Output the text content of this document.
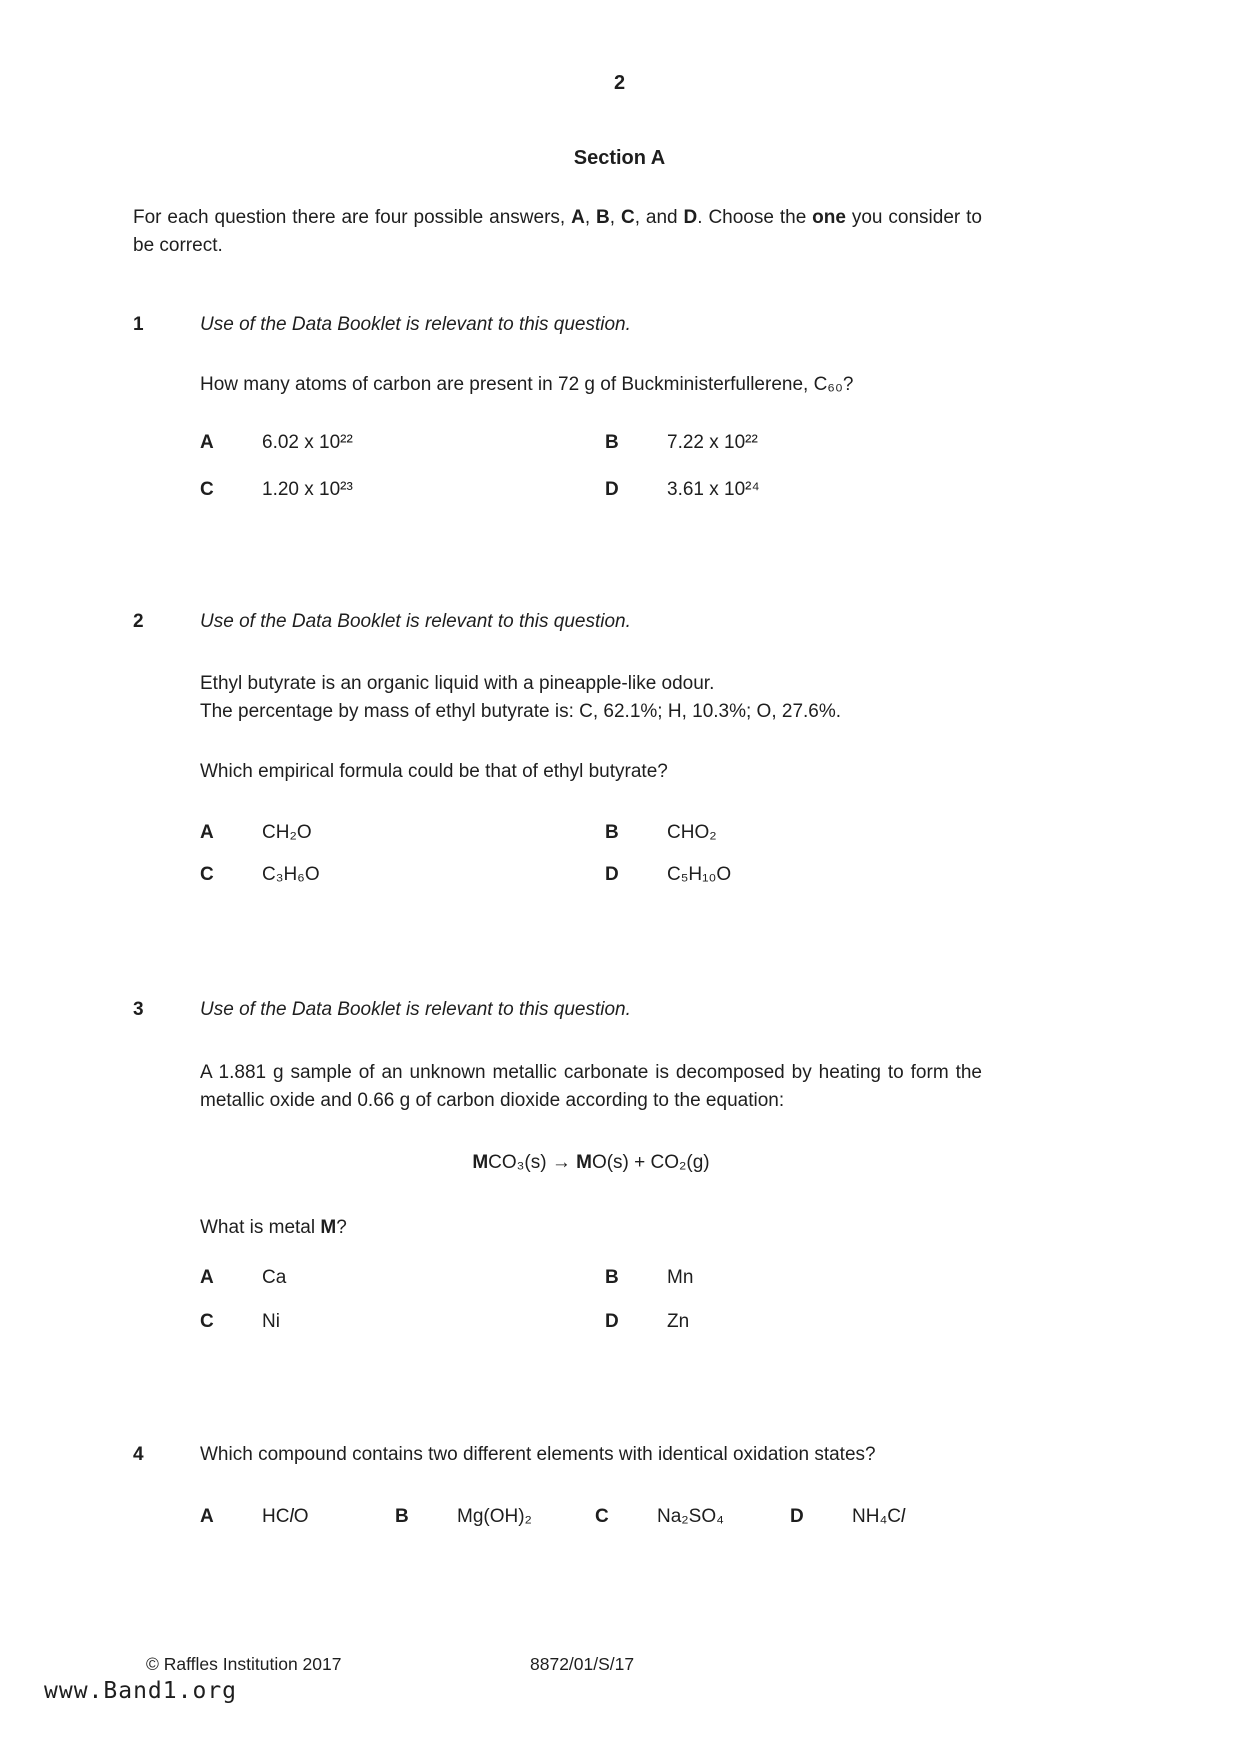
2
Section A
For each question there are four possible answers, A, B, C, and D. Choose the one you consider to be correct.
1	Use of the Data Booklet is relevant to this question.
How many atoms of carbon are present in 72 g of Buckministerfullerene, C₆₀?
A	6.02 x 10²²	B	7.22 x 10²²
C	1.20 x 10²³	D	3.61 x 10²⁴
2	Use of the Data Booklet is relevant to this question.
Ethyl butyrate is an organic liquid with a pineapple-like odour.
The percentage by mass of ethyl butyrate is: C, 62.1%; H, 10.3%; O, 27.6%.
Which empirical formula could be that of ethyl butyrate?
A	CH₂O	B	CHO₂
C	C₃H₆O	D	C₅H₁₀O
3	Use of the Data Booklet is relevant to this question.
A 1.881 g sample of an unknown metallic carbonate is decomposed by heating to form the metallic oxide and 0.66 g of carbon dioxide according to the equation:
MCO₃(s) → MO(s) + CO₂(g)
What is metal M?
A	Ca	B	Mn
C	Ni	D	Zn
4	Which compound contains two different elements with identical oxidation states?
A	HClO	B	Mg(OH)₂	C	Na₂SO₄	D	NH₄Cl
© Raffles Institution 2017	8872/01/S/17
www.Band1.org
